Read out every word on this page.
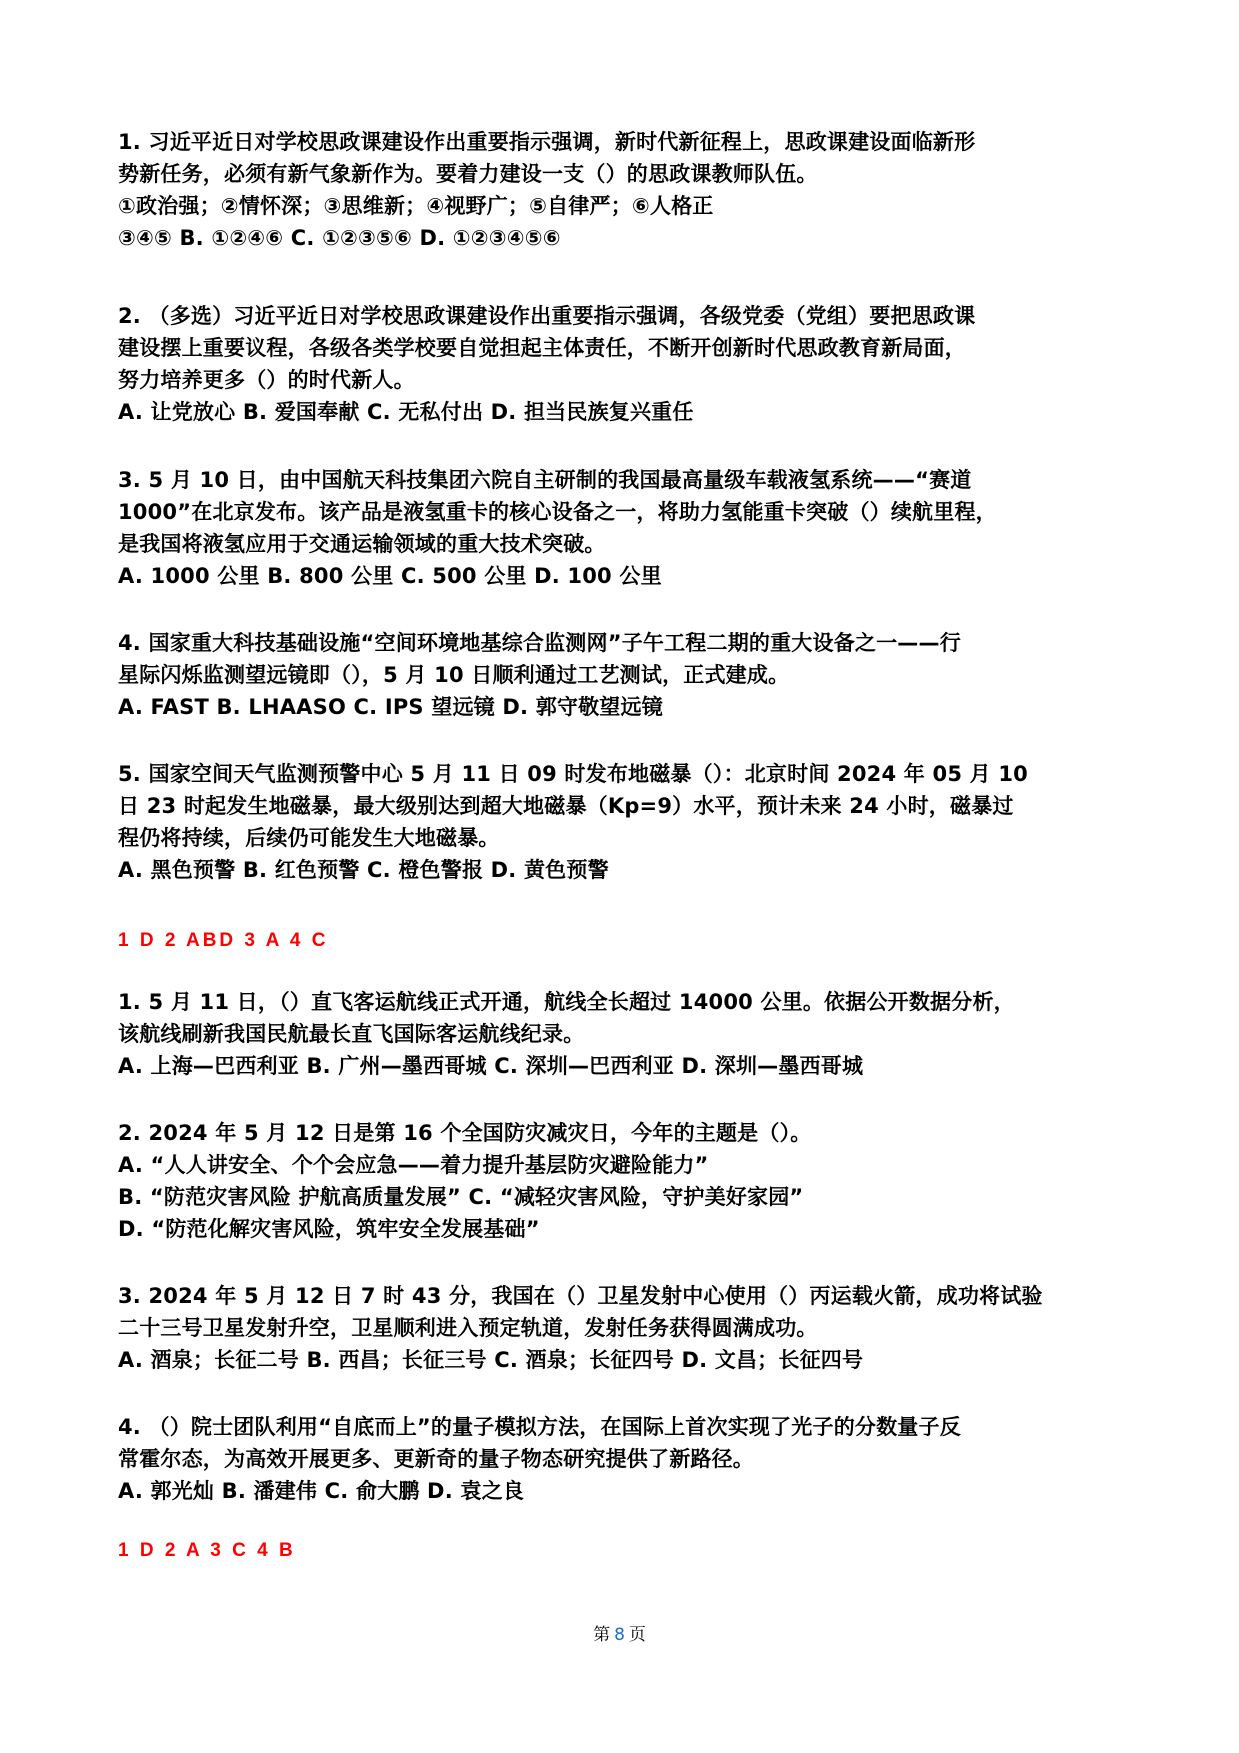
1. 习近平近日对学校思政课建设作出重要指示强调，新时代新征程上，思政课建设面临新形
势新任务，必须有新气象新作为。要着力建设一支（）的思政课教师队伍。
①政治强；②情怀深；③思维新；④视野广；⑤自律严；⑥人格正
③④⑤ B. ①②④⑥ C. ①②③⑤⑥ D. ①②③④⑤⑥
2. （多选）习近平近日对学校思政课建设作出重要指示强调，各级党委（党组）要把思政课
建设摆上重要议程，各级各类学校要自觉担起主体责任，不断开创新时代思政教育新局面，
努力培养更多（）的时代新人。
A. 让党放心 B. 爱国奉献 C. 无私付出 D. 担当民族复兴重任
3. 5 月 10 日，由中国航天科技集团六院自主研制的我国最高量级车载液氢系统——“赛道
1000”在北京发布。该产品是液氢重卡的核心设备之一，将助力氢能重卡突破（）续航里程，
是我国将液氢应用于交通运输领域的重大技术突破。
A. 1000 公里 B. 800 公里 C. 500 公里 D. 100 公里
4. 国家重大科技基础设施“空间环境地基综合监测网”子午工程二期的重大设备之一——行
星际闪烁监测望远镜即（），5 月 10 日顺利通过工艺测试，正式建成。
A. FAST B. LHAASO C. IPS 望远镜 D. 郭守敬望远镜
5. 国家空间天气监测预警中心 5 月 11 日 09 时发布地磁暴（）：北京时间 2024 年 05 月 10
日 23 时起发生地磁暴，最大级别达到超大地磁暴（Kp=9）水平，预计未来 24 小时，磁暴过
程仍将持续，后续仍可能发生大地磁暴。
A. 黑色预警 B. 红色预警 C. 橙色警报 D. 黄色预警
1 D 2 ABD 3 A 4 C
1. 5 月 11 日，（）直飞客运航线正式开通，航线全长超过 14000 公里。依据公开数据分析，
该航线刷新我国民航最长直飞国际客运航线纪录。
A. 上海—巴西利亚 B. 广州—墨西哥城 C. 深圳—巴西利亚 D. 深圳—墨西哥城
2. 2024 年 5 月 12 日是第 16 个全国防灾减灾日，今年的主题是（）。
A. “人人讲安全、个个会应急——着力提升基层防灾避险能力”
B. “防范灾害风险 护航高质量发展” C. “减轻灾害风险，守护美好家园”
D. “防范化解灾害风险，筑牢安全发展基础”
3. 2024 年 5 月 12 日 7 时 43 分，我国在（）卫星发射中心使用（）丙运载火箭，成功将试验
二十三号卫星发射升空，卫星顺利进入预定轨道，发射任务获得圆满成功。
A. 酒泉；长征二号 B. 西昌；长征三号 C. 酒泉；长征四号 D. 文昌；长征四号
4. （）院士团队利用“自底而上”的量子模拟方法，在国际上首次实现了光子的分数量子反
常霍尔态，为高效开展更多、更新奇的量子物态研究提供了新路径。
A. 郭光灿 B. 潘建伟 C. 俞大鹏 D. 袁之良
1 D 2 A 3 C 4 B
第 8 页
